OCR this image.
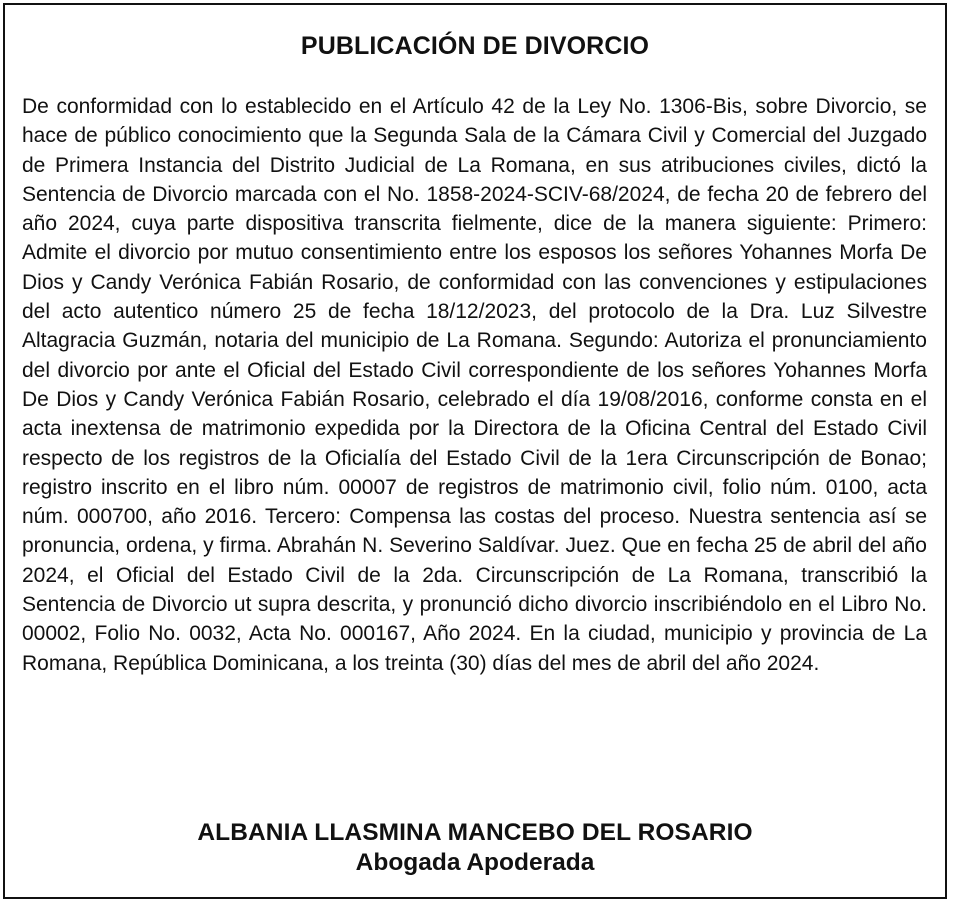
PUBLICACIÓN DE DIVORCIO

De conformidad con lo establecido en el Artículo 42 de la Ley No. 1306-Bis, sobre Divorcio, se hace de público conocimiento que la Segunda Sala de la Cámara Civil y Comercial del Juzgado de Primera Instancia del Distrito Judicial de La Romana, en sus atribuciones civiles, dictó la Sentencia de Divorcio marcada con el No. 1858-2024-SCIV-68/2024, de fecha 20 de febrero del año 2024, cuya parte dispositiva transcrita fielmente, dice de la manera siguiente: Primero: Admite el divorcio por mutuo consentimiento entre los esposos los señores Yohannes Morfa De Dios y Candy Verónica Fabián Rosario, de conformidad con las convenciones y estipulaciones del acto autentico número 25 de fecha 18/12/2023, del protocolo de la Dra. Luz Silvestre Altagracia Guzmán, notaria del municipio de La Romana. Segundo: Autoriza el pronunciamiento del divorcio por ante el Oficial del Estado Civil correspondiente de los señores Yohannes Morfa De Dios y Candy Verónica Fabián Rosario, celebrado el día 19/08/2016, conforme consta en el acta inextensa de matrimonio expedida por la Directora de la Oficina Central del Estado Civil respecto de los registros de la Oficialía del Estado Civil de la 1era Circunscripción de Bonao; registro inscrito en el libro núm. 00007 de registros de matrimonio civil, folio núm. 0100, acta núm. 000700, año 2016. Tercero: Compensa las costas del proceso. Nuestra sentencia así se pronuncia, ordena, y firma. Abrahán N. Severino Saldívar. Juez. Que en fecha 25 de abril del año 2024, el Oficial del Estado Civil de la 2da. Circunscripción de La Romana, transcribió la Sentencia de Divorcio ut supra descrita, y pronunció dicho divorcio inscribiéndolo en el Libro No. 00002, Folio No. 0032, Acta No. 000167, Año 2024. En la ciudad, municipio y provincia de La Romana, República Dominicana, a los treinta (30) días del mes de abril del año 2024.

ALBANIA LLASMINA MANCEBO DEL ROSARIO
Abogada Apoderada
